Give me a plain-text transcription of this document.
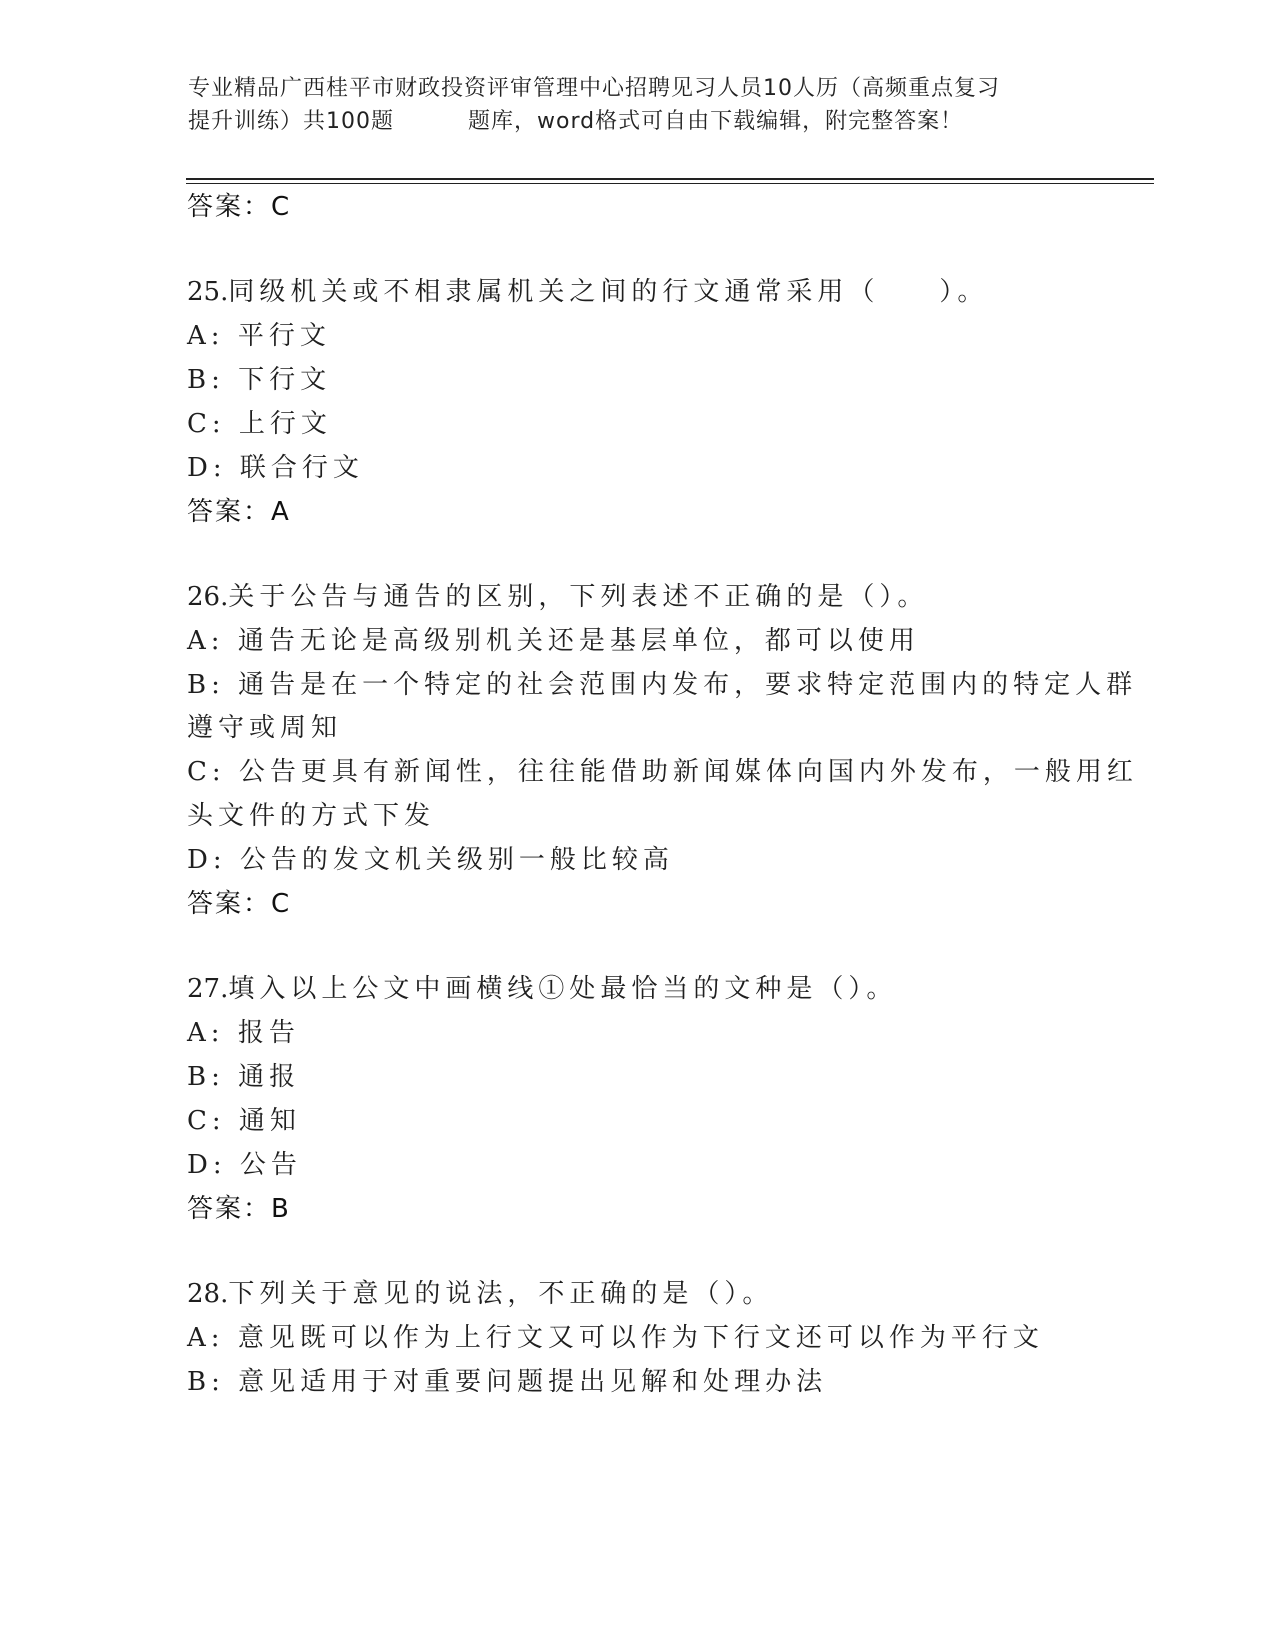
专业精品广西桂平市财政投资评审管理中心招聘见习人员10人历（高频重点复习
提升训练）共100题	题库，word格式可自由下载编辑，附完整答案！
答案：C
25.同级机关或不相隶属机关之间的行文通常采用（ ）。
A: 平行文
B: 下行文
C: 上行文
D: 联合行文
答案：A
26.关于公告与通告的区别，下列表述不正确的是（）。
A: 通告无论是高级别机关还是基层单位，都可以使用
B: 通告是在一个特定的社会范围内发布，要求特定范围内的特定人群
遵守或周知
C: 公告更具有新闻性，往往能借助新闻媒体向国内外发布，一般用红
头文件的方式下发
D: 公告的发文机关级别一般比较高
答案：C
27.填入以上公文中画横线①处最恰当的文种是（）。
A: 报告
B: 通报
C: 通知
D: 公告
答案：B
28.下列关于意见的说法，不正确的是（）。
A: 意见既可以作为上行文又可以作为下行文还可以作为平行文
B: 意见适用于对重要问题提出见解和处理办法
